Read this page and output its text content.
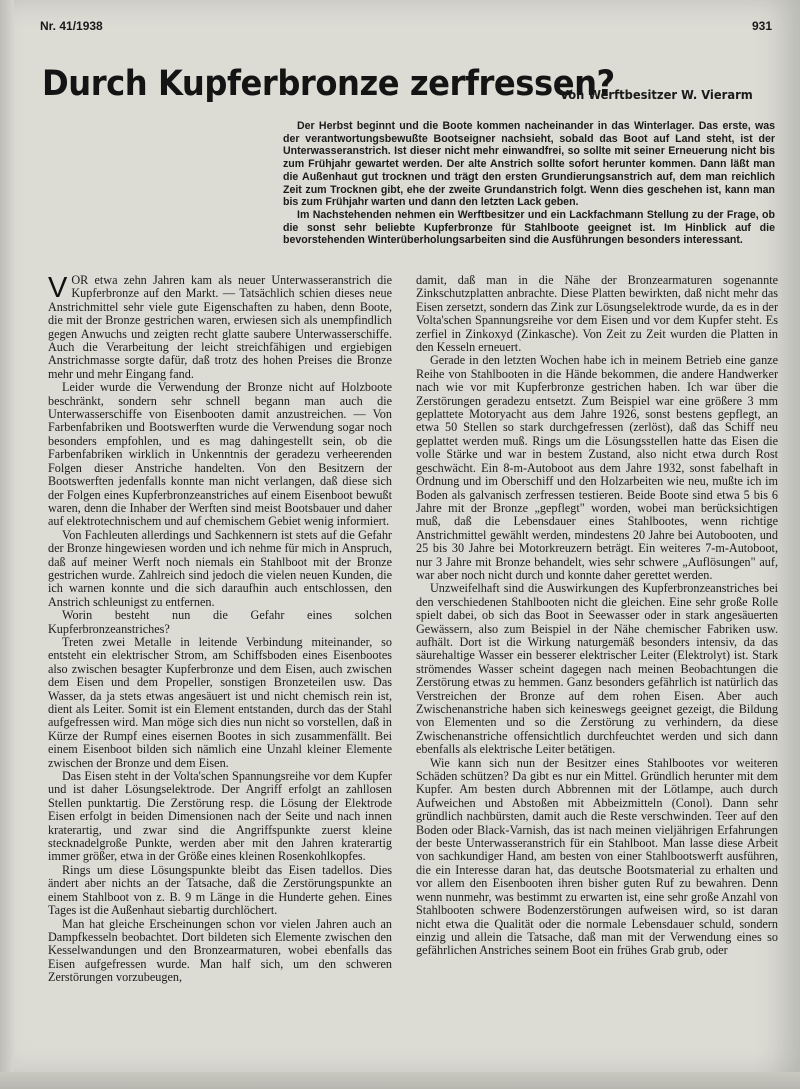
Nr. 41/1938	931
Durch Kupferbronze zerfressen?
Von Werftbesitzer W. Vierarm

Der Herbst beginnt und die Boote kommen nacheinander in das Winterlager. Das erste, was der verantwortungsbewußte Bootseigner nachsieht, sobald das Boot auf Land steht, ist der Unterwasseranstrich. Ist dieser nicht mehr einwandfrei, so sollte mit seiner Erneuerung nicht bis zum Frühjahr gewartet werden. Der alte Anstrich sollte sofort herunter kommen. Dann läßt man die Außenhaut gut trocknen und trägt den ersten Grundierungsanstrich auf, dem man reichlich Zeit zum Trocknen gibt, ehe der zweite Grundanstrich folgt. Wenn dies geschehen ist, kann man bis zum Frühjahr warten und dann den letzten Lack geben.

Im Nachstehenden nehmen ein Werftbesitzer und ein Lackfachmann Stellung zu der Frage, ob die sonst sehr beliebte Kupferbronze für Stahlboote geeignet ist. Im Hinblick auf die bevorstehenden Winterüberholungsarbeiten sind die Ausführungen besonders interessant.

VOR etwa zehn Jahren kam als neuer Unterwasseranstrich die Kupferbronze auf den Markt. — Tatsächlich schien dieses neue Anstrichmittel sehr viele gute Eigenschaften zu haben, denn Boote, die mit der Bronze gestrichen waren, erwiesen sich als unempfindlich gegen Anwuchs und zeigten recht glatte saubere Unterwasserschiffe. Auch die Verarbeitung der leicht streichfähigen und ergiebigen Anstrichmasse sorgte dafür, daß trotz des hohen Preises die Bronze mehr und mehr Eingang fand.

Leider wurde die Verwendung der Bronze nicht auf Holzboote beschränkt, sondern sehr schnell begann man auch die Unterwasserschiffe von Eisenbooten damit anzustreichen. — Von Farbenfabriken und Bootswerften wurde die Verwendung sogar noch besonders empfohlen, und es mag dahingestellt sein, ob die Farbenfabriken wirklich in Unkenntnis der geradezu verheerenden Folgen dieser Anstriche handelten. Von den Besitzern der Bootswerften jedenfalls konnte man nicht verlangen, daß diese sich der Folgen eines Kupferbronzeanstriches auf einem Eisenboot bewußt waren, denn die Inhaber der Werften sind meist Bootsbauer und daher auf elektrotechnischem und auf chemischem Gebiet wenig informiert.

Von Fachleuten allerdings und Sachkennern ist stets auf die Gefahr der Bronze hingewiesen worden und ich nehme für mich in Anspruch, daß auf meiner Werft noch niemals ein Stahlboot mit der Bronze gestrichen wurde. Zahlreich sind jedoch die vielen neuen Kunden, die ich warnen konnte und die sich daraufhin auch entschlossen, den Anstrich schleunigst zu entfernen.

Worin besteht nun die Gefahr eines solchen Kupferbronzeanstriches?

Treten zwei Metalle in leitende Verbindung miteinander, so entsteht ein elektrischer Strom, am Schiffsboden eines Eisenbootes also zwischen besagter Kupferbronze und dem Eisen, auch zwischen dem Eisen und dem Propeller, sonstigen Bronzeteilen usw. Das Wasser, da ja stets etwas angesäuert ist und nicht chemisch rein ist, dient als Leiter. Somit ist ein Element entstanden, durch das der Stahl aufgefressen wird. Man möge sich dies nun nicht so vorstellen, daß in Kürze der Rumpf eines eisernen Bootes in sich zusammenfällt. Bei einem Eisenboot bilden sich nämlich eine Unzahl kleiner Elemente zwischen der Bronze und dem Eisen.

Das Eisen steht in der Volta'schen Spannungsreihe vor dem Kupfer und ist daher Lösungselektrode. Der Angriff erfolgt an zahllosen Stellen punktartig. Die Zerstörung resp. die Lösung der Elektrode Eisen erfolgt in beiden Dimensionen nach der Seite und nach innen kraterartig, und zwar sind die Angriffspunkte zuerst kleine stecknadelgroße Punkte, werden aber mit den Jahren kraterartig immer größer, etwa in der Größe eines kleinen Rosenkohlkopfes.

Rings um diese Lösungspunkte bleibt das Eisen tadellos. Dies ändert aber nichts an der Tatsache, daß die Zerstörungspunkte an einem Stahlboot von z. B. 9 m Länge in die Hunderte gehen. Eines Tages ist die Außenhaut siebartig durchlöchert.

Man hat gleiche Erscheinungen schon vor vielen Jahren auch an Dampfkesseln beobachtet. Dort bildeten sich Elemente zwischen den Kesselwandungen und den Bronzearmaturen, wobei ebenfalls das Eisen aufgefressen wurde. Man half sich, um den schweren Zerstörungen vorzubeugen,

damit, daß man in die Nähe der Bronzearmaturen sogenannte Zinkschutzplatten anbrachte. Diese Platten bewirkten, daß nicht mehr das Eisen zersetzt, sondern das Zink zur Lösungselektrode wurde, da es in der Volta'schen Spannungsreihe vor dem Eisen und vor dem Kupfer steht. Es zerfiel in Zinkoxyd (Zinkasche). Von Zeit zu Zeit wurden die Platten in den Kesseln erneuert.

Gerade in den letzten Wochen habe ich in meinem Betrieb eine ganze Reihe von Stahlbooten in die Hände bekommen, die andere Handwerker nach wie vor mit Kupferbronze gestrichen haben. Ich war über die Zerstörungen geradezu entsetzt. Zum Beispiel war eine größere 3 mm geplattete Motoryacht aus dem Jahre 1926, sonst bestens gepflegt, an etwa 50 Stellen so stark durchgefressen (zerlöst), daß das Schiff neu geplattet werden muß. Rings um die Lösungsstellen hatte das Eisen die volle Stärke und war in bestem Zustand, also nicht etwa durch Rost geschwächt. Ein 8-m-Autoboot aus dem Jahre 1932, sonst fabelhaft in Ordnung und im Oberschiff und den Holzarbeiten wie neu, mußte ich im Boden als galvanisch zerfressen testieren. Beide Boote sind etwa 5 bis 6 Jahre mit der Bronze „gepflegt" worden, wobei man berücksichtigen muß, daß die Lebensdauer eines Stahlbootes, wenn richtige Anstrichmittel gewählt werden, mindestens 20 Jahre bei Autobooten, und 25 bis 30 Jahre bei Motorkreuzern beträgt. Ein weiteres 7-m-Autoboot, nur 3 Jahre mit Bronze behandelt, wies sehr schwere „Auflösungen" auf, war aber noch nicht durch und konnte daher gerettet werden.

Unzweifelhaft sind die Auswirkungen des Kupferbronzeanstriches bei den verschiedenen Stahlbooten nicht die gleichen. Eine sehr große Rolle spielt dabei, ob sich das Boot in Seewasser oder in stark angesäuerten Gewässern, also zum Beispiel in der Nähe chemischer Fabriken usw. aufhält. Dort ist die Wirkung naturgemäß besonders intensiv, da das säurehaltige Wasser ein besserer elektrischer Leiter (Elektrolyt) ist. Stark strömendes Wasser scheint dagegen nach meinen Beobachtungen die Zerstörung etwas zu hemmen. Ganz besonders gefährlich ist natürlich das Verstreichen der Bronze auf dem rohen Eisen. Aber auch Zwischenanstriche haben sich keineswegs geeignet gezeigt, die Bildung von Elementen und so die Zerstörung zu verhindern, da diese Zwischenanstriche offensichtlich durchfeuchtet werden und sich dann ebenfalls als elektrische Leiter betätigen.

Wie kann sich nun der Besitzer eines Stahlbootes vor weiteren Schäden schützen? Da gibt es nur ein Mittel. Gründlich herunter mit dem Kupfer. Am besten durch Abbrennen mit der Lötlampe, auch durch Aufweichen und Abstoßen mit Abbeizmitteln (Conol). Dann sehr gründlich nachbürsten, damit auch die Reste verschwinden. Teer auf den Boden oder Black-Varnish, das ist nach meinen vieljährigen Erfahrungen der beste Unterwasseranstrich für ein Stahlboot. Man lasse diese Arbeit von sachkundiger Hand, am besten von einer Stahlbootswerft ausführen, die ein Interesse daran hat, das deutsche Bootsmaterial zu erhalten und vor allem den Eisenbooten ihren bisher guten Ruf zu bewahren. Denn wenn nunmehr, was bestimmt zu erwarten ist, eine sehr große Anzahl von Stahlbooten schwere Bodenzerstörungen aufweisen wird, so ist daran nicht etwa die Qualität oder die normale Lebensdauer schuld, sondern einzig und allein die Tatsache, daß man mit der Verwendung eines so gefährlichen Anstriches seinem Boot ein frühes Grab grub, oder
